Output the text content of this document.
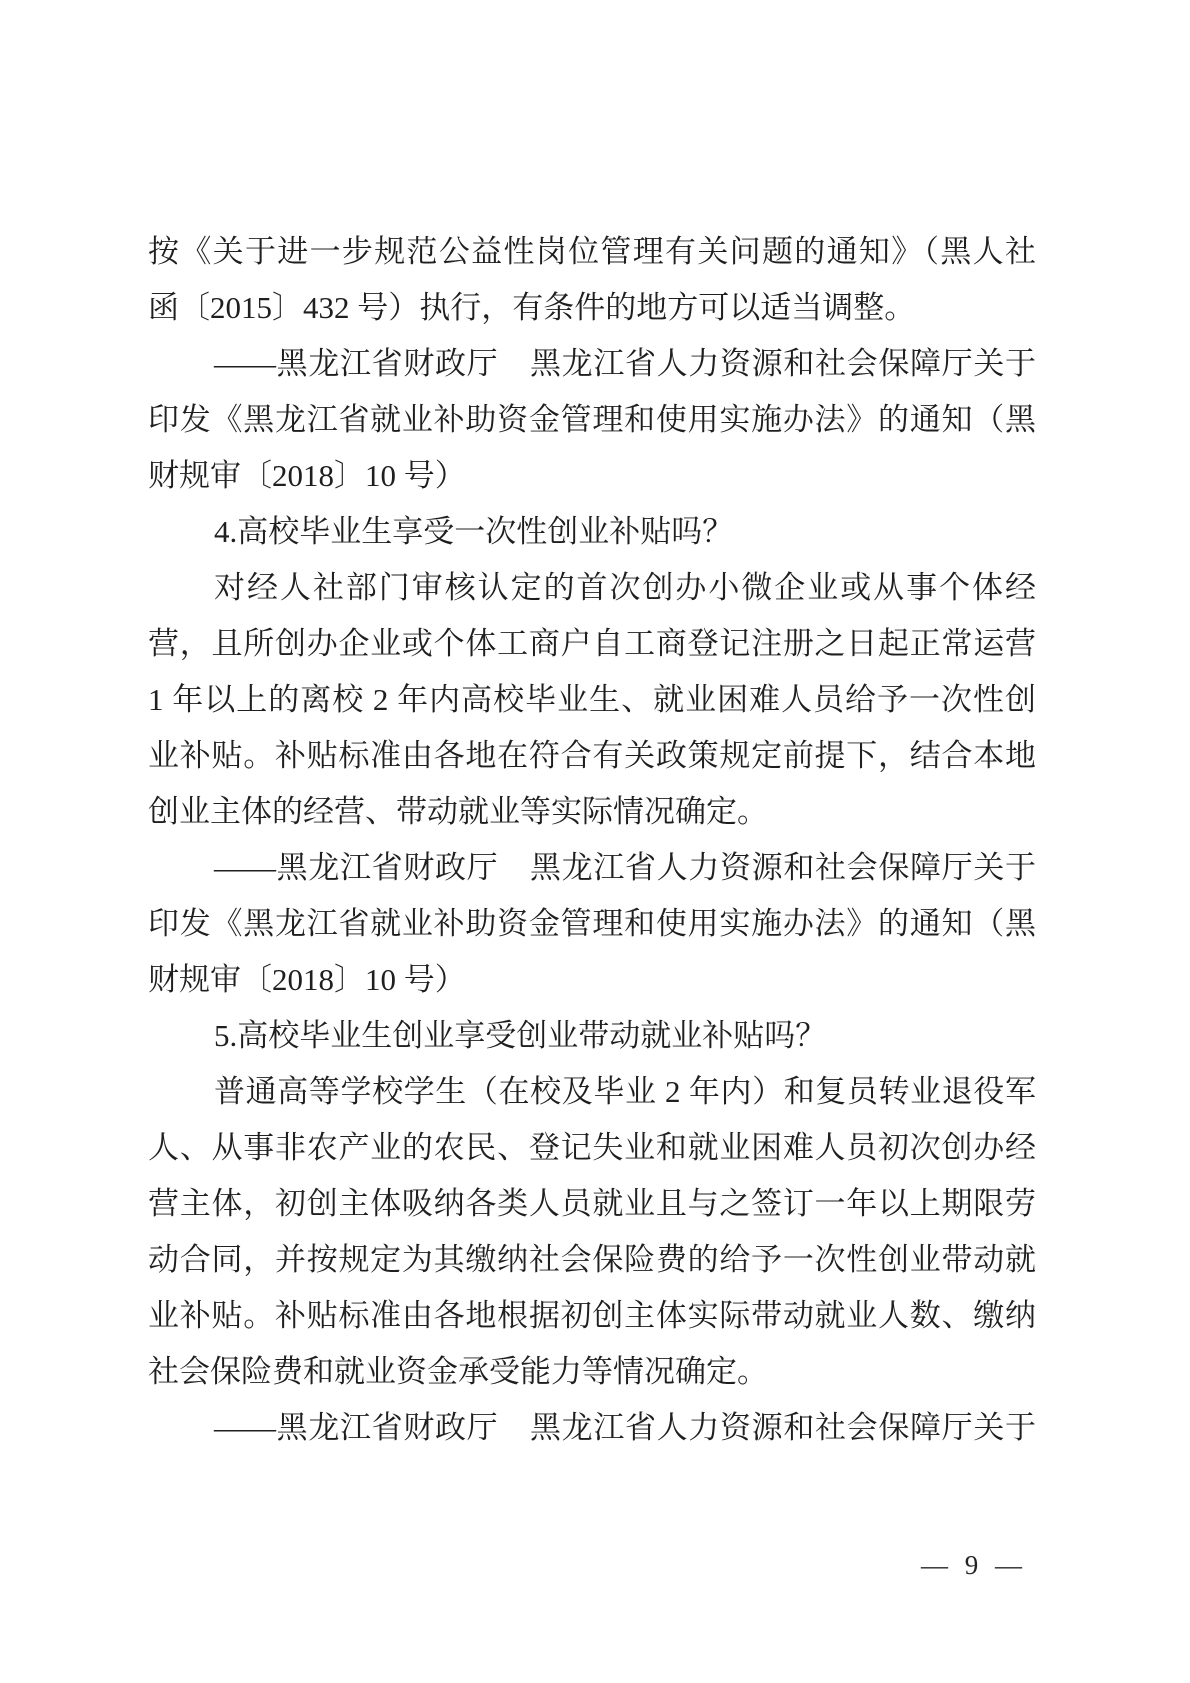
按《关于进一步规范公益性岗位管理有关问题的通知》（黑人社
函〔2015〕432 号）执行，有条件的地方可以适当调整。
——黑龙江省财政厅　黑龙江省人力资源和社会保障厅关于
印发《黑龙江省就业补助资金管理和使用实施办法》的通知（黑
财规审〔2018〕10 号）
4.高校毕业生享受一次性创业补贴吗？
对经人社部门审核认定的首次创办小微企业或从事个体经
营，且所创办企业或个体工商户自工商登记注册之日起正常运营
1 年以上的离校 2 年内高校毕业生、就业困难人员给予一次性创
业补贴。补贴标准由各地在符合有关政策规定前提下，结合本地
创业主体的经营、带动就业等实际情况确定。
——黑龙江省财政厅　黑龙江省人力资源和社会保障厅关于
印发《黑龙江省就业补助资金管理和使用实施办法》的通知（黑
财规审〔2018〕10 号）
5.高校毕业生创业享受创业带动就业补贴吗？
普通高等学校学生（在校及毕业 2 年内）和复员转业退役军
人、从事非农产业的农民、登记失业和就业困难人员初次创办经
营主体，初创主体吸纳各类人员就业且与之签订一年以上期限劳
动合同，并按规定为其缴纳社会保险费的给予一次性创业带动就
业补贴。补贴标准由各地根据初创主体实际带动就业人数、缴纳
社会保险费和就业资金承受能力等情况确定。
——黑龙江省财政厅　黑龙江省人力资源和社会保障厅关于
— 9 —
